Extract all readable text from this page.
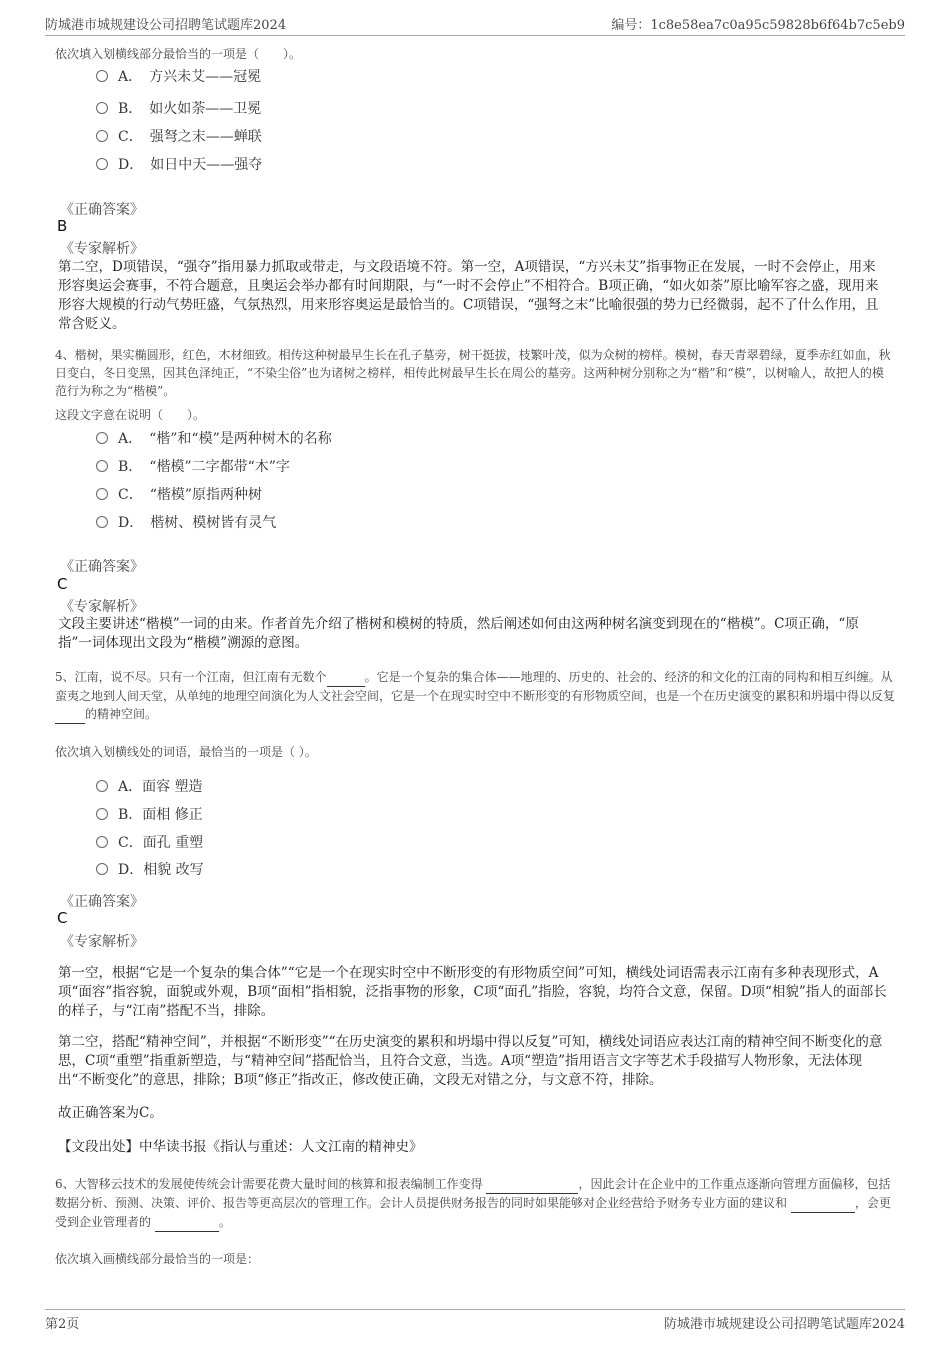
防城港市城规建设公司招聘笔试题库2024	编号：1c8e58ea7c0a95c59828b6f64b7c5eb9
依次填入划横线部分最恰当的一项是（　　）。
A．　方兴未艾——冠冕
B．　如火如荼——卫冕
C．　强弩之末——蝉联
D．　如日中天——强夺
《正确答案》
B
《专家解析》
第二空，D项错误，“强夺”指用暴力抓取或带走，与文段语境不符。第一空，A项错误，“方兴未艾”指事物正在发展，一时不会停止，用来形容奥运会赛事，不符合题意，且奥运会举办都有时间期限，与“一时不会停止”不相符合。B项正确，“如火如荼”原比喻军容之盛，现用来形容大规模的行动气势旺盛，气氛热烈，用来形容奥运是最恰当的。C项错误，“强弩之末”比喻很强的势力已经微弱，起不了什么作用，且常含贬义。
4、楷树，果实椭圆形，红色，木材细致。相传这种树最早生长在孔子墓旁，树干挺拔，枝繁叶茂，似为众树的榜样。模树，春天青翠碧绿，夏季赤红如血，秋日变白，冬日变黑，因其色泽纯正，“不染尘俗”也为诸树之榜样，相传此树最早生长在周公的墓旁。这两种树分别称之为“楷”和“模”，以树喻人，故把人的模范行为称之为“楷模”。
这段文字意在说明（　　）。
A．　“楷”和“模”是两种树木的名称
B．　“楷模”二字都带“木”字
C．　“楷模”原指两种树
D．　楷树、模树皆有灵气
《正确答案》
C
《专家解析》
文段主要讲述“楷模”一词的由来。作者首先介绍了楷树和模树的特质，然后阐述如何由这两种树名演变到现在的“楷模”。C项正确，“原指”一词体现出文段为“楷模”溯源的意图。
5、江南，说不尽。只有一个江南，但江南有无数个	。它是一个复杂的集合体——地理的、历史的、社会的、经济的和文化的江南的同构和相互纠缠。从蛮夷之地到人间天堂，从单纯的地理空间演化为人文社会空间，它是一个在现实时空中不断形变的有形物质空间，也是一个在历史演变的累积和坍塌中得以反复 的精神空间。
依次填入划横线处的词语，最恰当的一项是（ ）。
A．面容 塑造
B．面相 修正
C．面孔 重塑
D．相貌 改写
《正确答案》
C
《专家解析》
第一空，根据“它是一个复杂的集合体”“它是一个在现实时空中不断形变的有形物质空间”可知，横线处词语需表示江南有多种表现形式，A项“面容”指容貌，面貌或外观，B项“面相”指相貌，泛指事物的形象，C项“面孔”指脸，容貌，均符合文意，保留。D项“相貌”指人的面部长的样子，与“江南”搭配不当，排除。
第二空，搭配“精神空间”，并根据“不断形变”“在历史演变的累积和坍塌中得以反复”可知，横线处词语应表达江南的精神空间不断变化的意思，C项“重塑”指重新塑造，与“精神空间”搭配恰当，且符合文意，当选。A项“塑造”指用语言文字等艺术手段描写人物形象，无法体现出“不断变化”的意思，排除；B项“修正”指改正，修改使正确，文段无对错之分，与文意不符，排除。
故正确答案为C。
【文段出处】中华读书报《指认与重述：人文江南的精神史》
6、大智移云技术的发展使传统会计需要花费大量时间的核算和报表编制工作变得	，因此会计在企业中的工作重点逐渐向管理方面偏移，包括数据分析、预测、决策、评价、报告等更高层次的管理工作。会计人员提供财务报告的同时如果能够对企业经营给予财务专业方面的建议和	，会更受到企业管理者的	。
依次填入画横线部分最恰当的一项是：
第2页	防城港市城规建设公司招聘笔试题库2024
